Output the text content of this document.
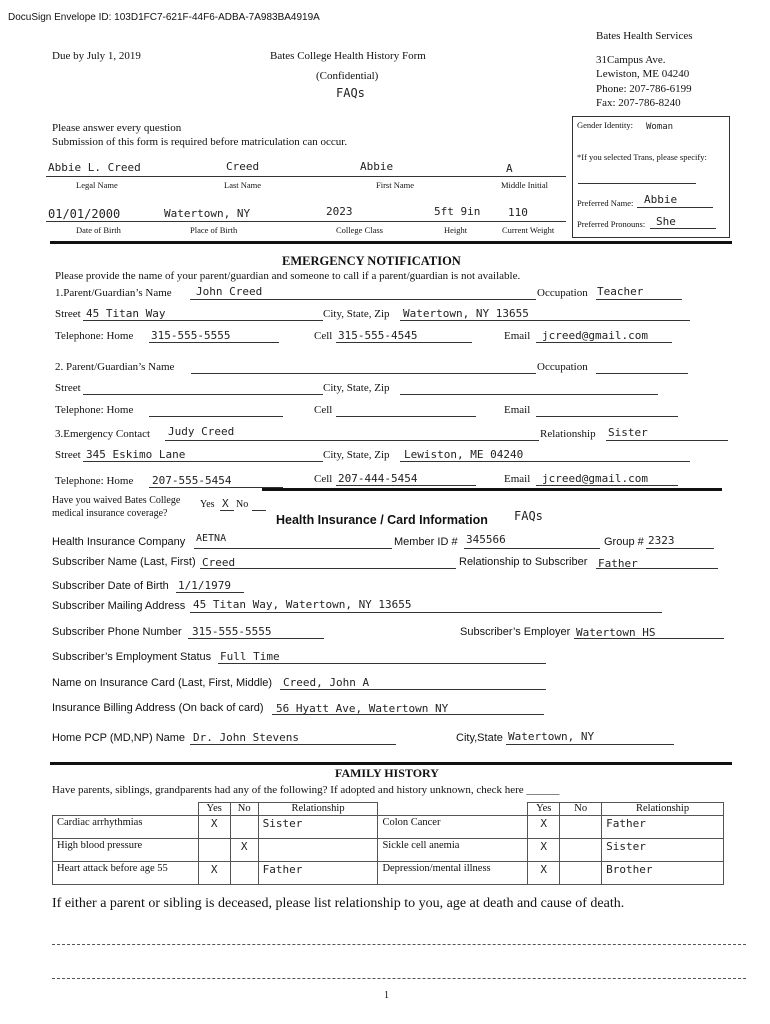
DocuSign Envelope ID: 103D1FC7-621F-44F6-ADBA-7A983BA4919A
Due by July 1, 2019	Bates College Health History Form
(Confidential)
FAQs
Bates Health Services
31Campus Ave.
Lewiston, ME 04240
Phone: 207-786-6199
Fax: 207-786-8240
Please answer every question
Submission of this form is required before matriculation can occur.
Gender Identity: Woman
*If you selected Trans, please specify:
Preferred Name: Abbie
Preferred Pronouns: She
Abbie L. Creed	Creed	Abbie	A
Legal Name	Last Name	First Name	Middle Initial
01/01/2000	Watertown, NY	2023	5ft 9in	110
Date of Birth	Place of Birth	College Class	Height	Current Weight
EMERGENCY NOTIFICATION
Please provide the name of your parent/guardian and someone to call if a parent/guardian is not available.
1.Parent/Guardian’s Name John Creed	Occupation Teacher
Street 45 Titan Way	City, State, Zip Watertown, NY 13655
Telephone: Home 315-555-5555	Cell 315-555-4545	Email jcreed@gmail.com
2. Parent/Guardian’s Name	Occupation
Street	City, State, Zip
Telephone: Home	Cell	Email
3.Emergency Contact Judy Creed	Relationship Sister
Street 345 Eskimo Lane	City, State, Zip Lewiston, ME 04240
Telephone: Home 207-555-5454	Cell 207-444-5454	Email jcreed@gmail.com
Have you waived Bates College
medical insurance coverage?
Yes X No
Health Insurance / Card Information FAQs
Health Insurance Company AETNA	Member ID # 345566	Group # 2323
Subscriber Name (Last, First) Creed	Relationship to Subscriber Father
Subscriber Date of Birth 1/1/1979
Subscriber Mailing Address 45 Titan Way, Watertown, NY 13655
Subscriber Phone Number 315-555-5555	Subscriber’s Employer Watertown HS
Subscriber’s Employment Status Full Time
Name on Insurance Card (Last, First, Middle) Creed, John A
Insurance Billing Address (On back of card) 56 Hyatt Ave, Watertown NY
Home PCP (MD,NP) Name Dr. John Stevens	City,State Watertown, NY
FAMILY HISTORY
Have parents, siblings, grandparents had any of the following? If adopted and history unknown, check here ______
	Yes	No	Relationship		Yes	No	Relationship
Cardiac arrhythmias	X		Sister	Colon Cancer	X		Father
High blood pressure		X		Sickle cell anemia	X		Sister
Heart attack before age 55	X		Father	Depression/mental illness	X		Brother
If either a parent or sibling is deceased, please list relationship to you, age at death and cause of death.
1
